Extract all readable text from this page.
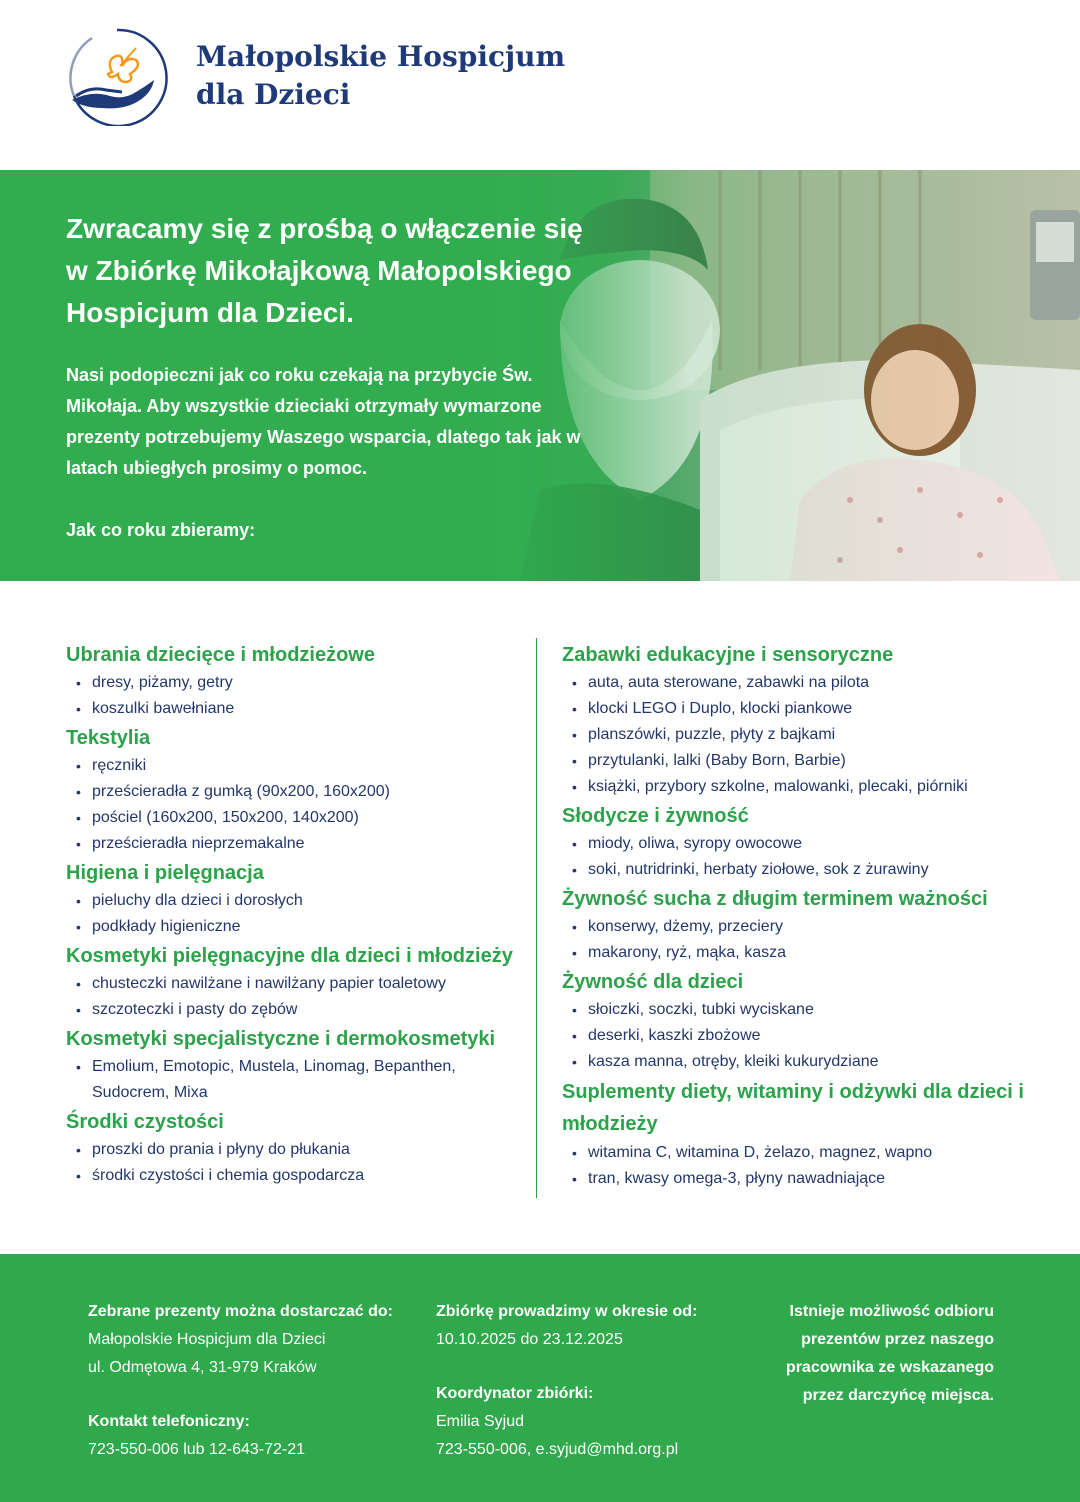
Małopolskie Hospicjum
dla Dzieci
Zwracamy się z prośbą o włączenie się w Zbiórkę Mikołajkową Małopolskiego Hospicjum dla Dzieci.
Nasi podopieczni jak co roku czekają na przybycie Św. Mikołaja. Aby wszystkie dzieciaki otrzymały wymarzone prezenty potrzebujemy Waszego wsparcia, dlatego tak jak w latach ubiegłych prosimy o pomoc.
Jak co roku zbieramy:
Ubrania dziecięce i młodzieżowe
• dresy, piżamy, getry
• koszulki bawełniane
Tekstylia
• ręczniki
• prześcieradła z gumką (90x200, 160x200)
• pościel (160x200, 150x200, 140x200)
• prześcieradła nieprzemakalne
Higiena i pielęgnacja
• pieluchy dla dzieci i dorosłych
• podkłady higieniczne
Kosmetyki pielęgnacyjne dla dzieci i młodzieży
• chusteczki nawilżane i nawilżany papier toaletowy
• szczoteczki i pasty do zębów
Kosmetyki specjalistyczne i dermokosmetyki
• Emolium, Emotopic, Mustela, Linomag, Bepanthen, Sudocrem, Mixa
Środki czystości
• proszki do prania i płyny do płukania
• środki czystości i chemia gospodarcza
Zabawki edukacyjne i sensoryczne
• auta, auta sterowane, zabawki na pilota
• klocki LEGO i Duplo, klocki piankowe
• planszówki, puzzle, płyty z bajkami
• przytulanki, lalki (Baby Born, Barbie)
• książki, przybory szkolne, malowanki, plecaki, piórniki
Słodycze i żywność
• miody, oliwa, syropy owocowe
• soki, nutridrinki, herbaty ziołowe, sok z żurawiny
Żywność sucha z długim terminem ważności
• konserwy, dżemy, przeciery
• makarony, ryż, mąka, kasza
Żywność dla dzieci
• słoiczki, soczki, tubki wyciskane
• deserki, kaszki zbożowe
• kasza manna, otręby, kleiki kukurydziane
Suplementy diety, witaminy i odżywki dla dzieci i młodzieży
• witamina C, witamina D, żelazo, magnez, wapno
• tran, kwasy omega-3, płyny nawadniające
Zebrane prezenty można dostarczać do:
Małopolskie Hospicjum dla Dzieci
ul. Odmętowa 4, 31-979 Kraków
Kontakt telefoniczny:
723-550-006 lub 12-643-72-21
Zbiórkę prowadzimy w okresie od:
10.10.2025 do 23.12.2025
Koordynator zbiórki:
Emilia Syjud
723-550-006, e.syjud@mhd.org.pl
Istnieje możliwość odbioru prezentów przez naszego pracownika ze wskazanego przez darczyńcę miejsca.
